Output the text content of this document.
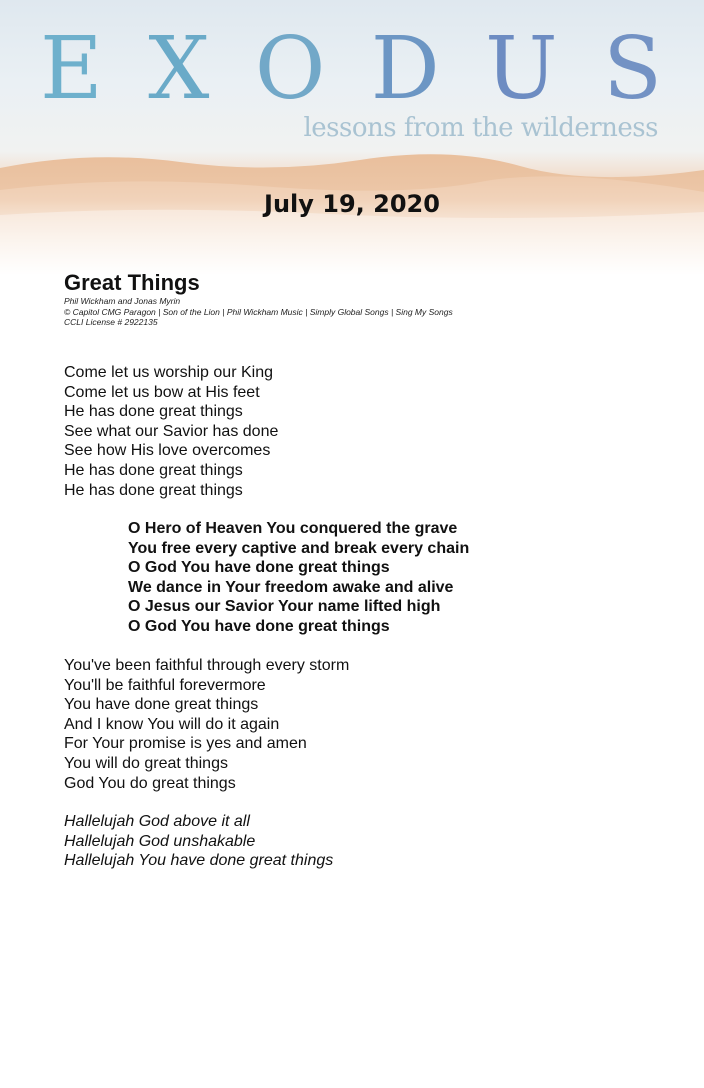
E X O D U S
lessons from the wilderness
July 19, 2020
Great Things
Phil Wickham and Jonas Myrin
© Capitol CMG Paragon | Son of the Lion | Phil Wickham Music | Simply Global Songs | Sing My Songs
CCLI License # 2922135
Come let us worship our King
Come let us bow at His feet
He has done great things
See what our Savior has done
See how His love overcomes
He has done great things
He has done great things
O Hero of Heaven You conquered the grave
You free every captive and break every chain
O God You have done great things
We dance in Your freedom awake and alive
O Jesus our Savior Your name lifted high
O God You have done great things
You've been faithful through every storm
You'll be faithful forevermore
You have done great things
And I know You will do it again
For Your promise is yes and amen
You will do great things
God You do great things
Hallelujah God above it all
Hallelujah God unshakable
Hallelujah You have done great things
